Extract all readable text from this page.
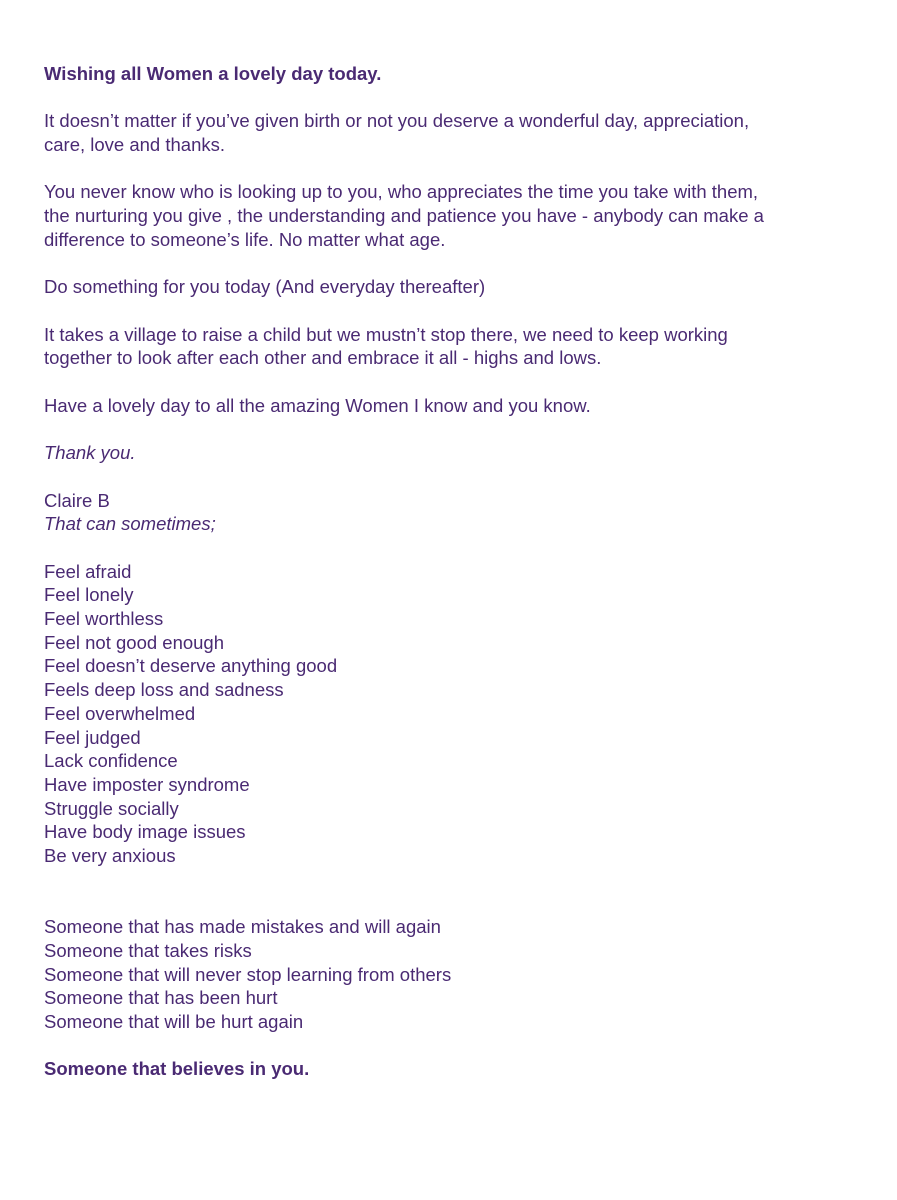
Wishing all Women a lovely day today.
It doesn’t matter if you’ve given birth or not you deserve a wonderful day, appreciation,
care, love and thanks.
You never know who is looking up to you, who appreciates the time you take with them,
the nurturing you give , the understanding and patience you have - anybody can make a
difference to someone’s life. No matter what age.
Do something for you today (And everyday thereafter)
It takes a village to raise a child but we mustn’t stop there, we need to keep working
together to look after each other and embrace it all - highs and lows.
Have a lovely day to all the amazing Women I know and you know.
Thank you.
Claire B
That can sometimes;
Feel afraid
Feel lonely
Feel worthless
Feel not good enough
Feel doesn’t deserve anything good
Feels deep loss and sadness
Feel overwhelmed
Feel judged
Lack confidence
Have imposter syndrome
Struggle socially
Have body image issues
Be very anxious
Someone that has made mistakes and will again
Someone that takes risks
Someone that will never stop learning from others
Someone that has been hurt
Someone that will be hurt again
Someone that believes in you.
